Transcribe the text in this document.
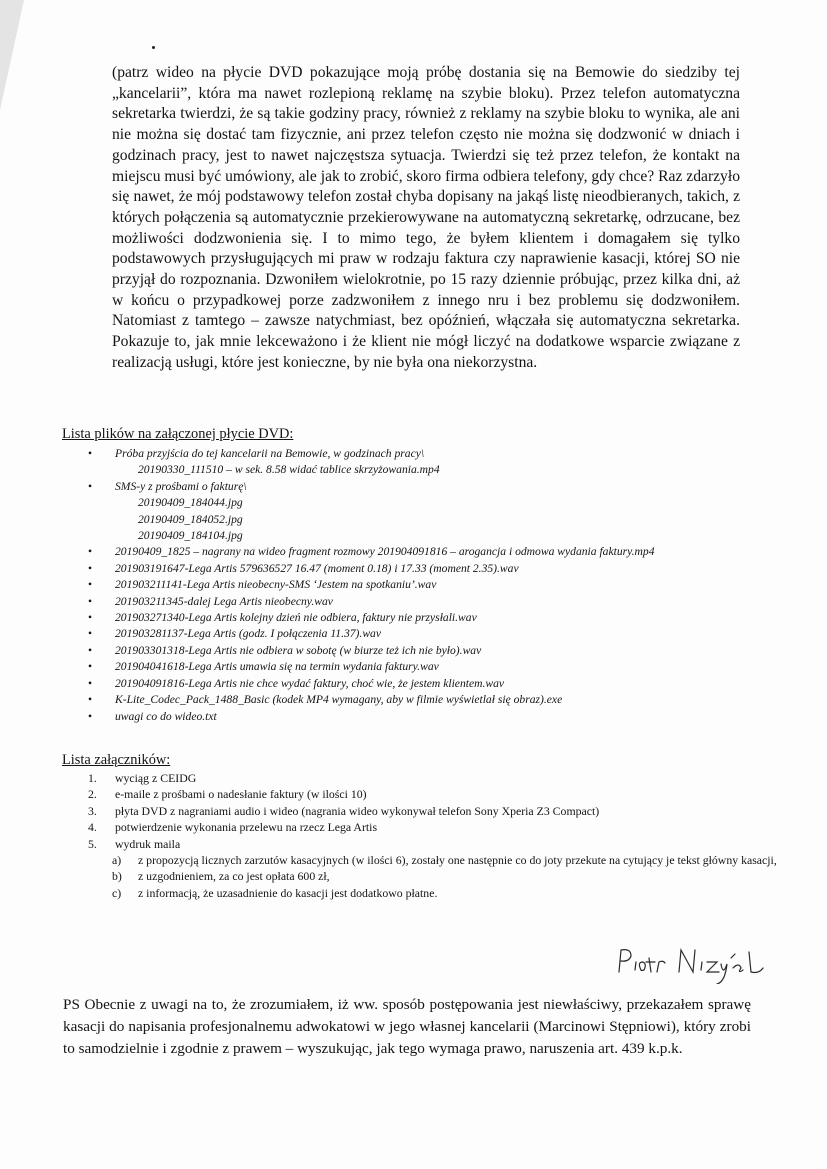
(patrz wideo na płycie DVD pokazujące moją próbę dostania się na Bemowie do siedziby tej „kancelarii”, która ma nawet rozlepioną reklamę na szybie bloku). Przez telefon automatyczna sekretarka twierdzi, że są takie godziny pracy, również z reklamy na szybie bloku to wynika, ale ani nie można się dostać tam fizycznie, ani przez telefon często nie można się dodzwonić w dniach i godzinach pracy, jest to nawet najczęstsza sytuacja. Twierdzi się też przez telefon, że kontakt na miejscu musi być umówiony, ale jak to zrobić, skoro firma odbiera telefony, gdy chce? Raz zdarzyło się nawet, że mój podstawowy telefon został chyba dopisany na jakąś listę nieodbieranych, takich, z których połączenia są automatycznie przekierowywane na automatyczną sekretarkę, odrzucane, bez możliwości dodzwonienia się. I to mimo tego, że byłem klientem i domagałem się tylko podstawowych przysługujących mi praw w rodzaju faktura czy naprawienie kasacji, której SO nie przyjął do rozpoznania. Dzwoniłem wielokrotnie, po 15 razy dziennie próbując, przez kilka dni, aż w końcu o przypadkowej porze zadzwoniłem z innego nru i bez problemu się dodzwoniłem. Natomiast z tamtego – zawsze natychmiast, bez opóźnień, włączała się automatyczna sekretarka. Pokazuje to, jak mnie lekceważono i że klient nie mógł liczyć na dodatkowe wsparcie związane z realizacją usługi, które jest konieczne, by nie była ona niekorzystna.

Lista plików na załączonej płycie DVD:
• Próba przyjścia do tej kancelarii na Bemowie, w godzinach pracy\
20190330_111510 – w sek. 8.58 widać tablice skrzyżowania.mp4
• SMS-y z prośbami o fakturę\
20190409_184044.jpg
20190409_184052.jpg
20190409_184104.jpg
• 20190409_1825 – nagrany na wideo fragment rozmowy 201904091816 – arogancja i odmowa wydania faktury.mp4
• 201903191647-Lega Artis 579636527 16.47 (moment 0.18) i 17.33 (moment 2.35).wav
• 201903211141-Lega Artis nieobecny-SMS ‘Jestem na spotkaniu’.wav
• 201903211345-dalej Lega Artis nieobecny.wav
• 201903271340-Lega Artis kolejny dzień nie odbiera, faktury nie przysłali.wav
• 201903281137-Lega Artis (godz. I połączenia 11.37).wav
• 201903301318-Lega Artis nie odbiera w sobotę (w biurze też ich nie było).wav
• 201904041618-Lega Artis umawia się na termin wydania faktury.wav
• 201904091816-Lega Artis nie chce wydać faktury, choć wie, że jestem klientem.wav
• K-Lite_Codec_Pack_1488_Basic (kodek MP4 wymagany, aby w filmie wyświetlał się obraz).exe
• uwagi co do wideo.txt
Lista załączników:
1. wyciąg z CEIDG
2. e-maile z prośbami o nadesłanie faktury (w ilości 10)
3. płyta DVD z nagraniami audio i wideo (nagrania wideo wykonywał telefon Sony Xperia Z3 Compact)
4. potwierdzenie wykonania przelewu na rzecz Lega Artis
5. wydruk maila
a) z propozycją licznych zarzutów kasacyjnych (w ilości 6), zostały one następnie co do joty przekute na cytujący je tekst główny kasacji,
b) z uzgodnieniem, za co jest opłata 600 zł,
c) z informacją, że uzasadnienie do kasacji jest dodatkowo płatne.
Piotr Niżyński

PS Obecnie z uwagi na to, że zrozumiałem, iż ww. sposób postępowania jest niewłaściwy, przekazałem sprawę kasacji do napisania profesjonalnemu adwokatowi w jego własnej kancelarii (Marcinowi Stępniowi), który zrobi to samodzielnie i zgodnie z prawem – wyszukując, jak tego wymaga prawo, naruszenia art. 439 k.p.k.
